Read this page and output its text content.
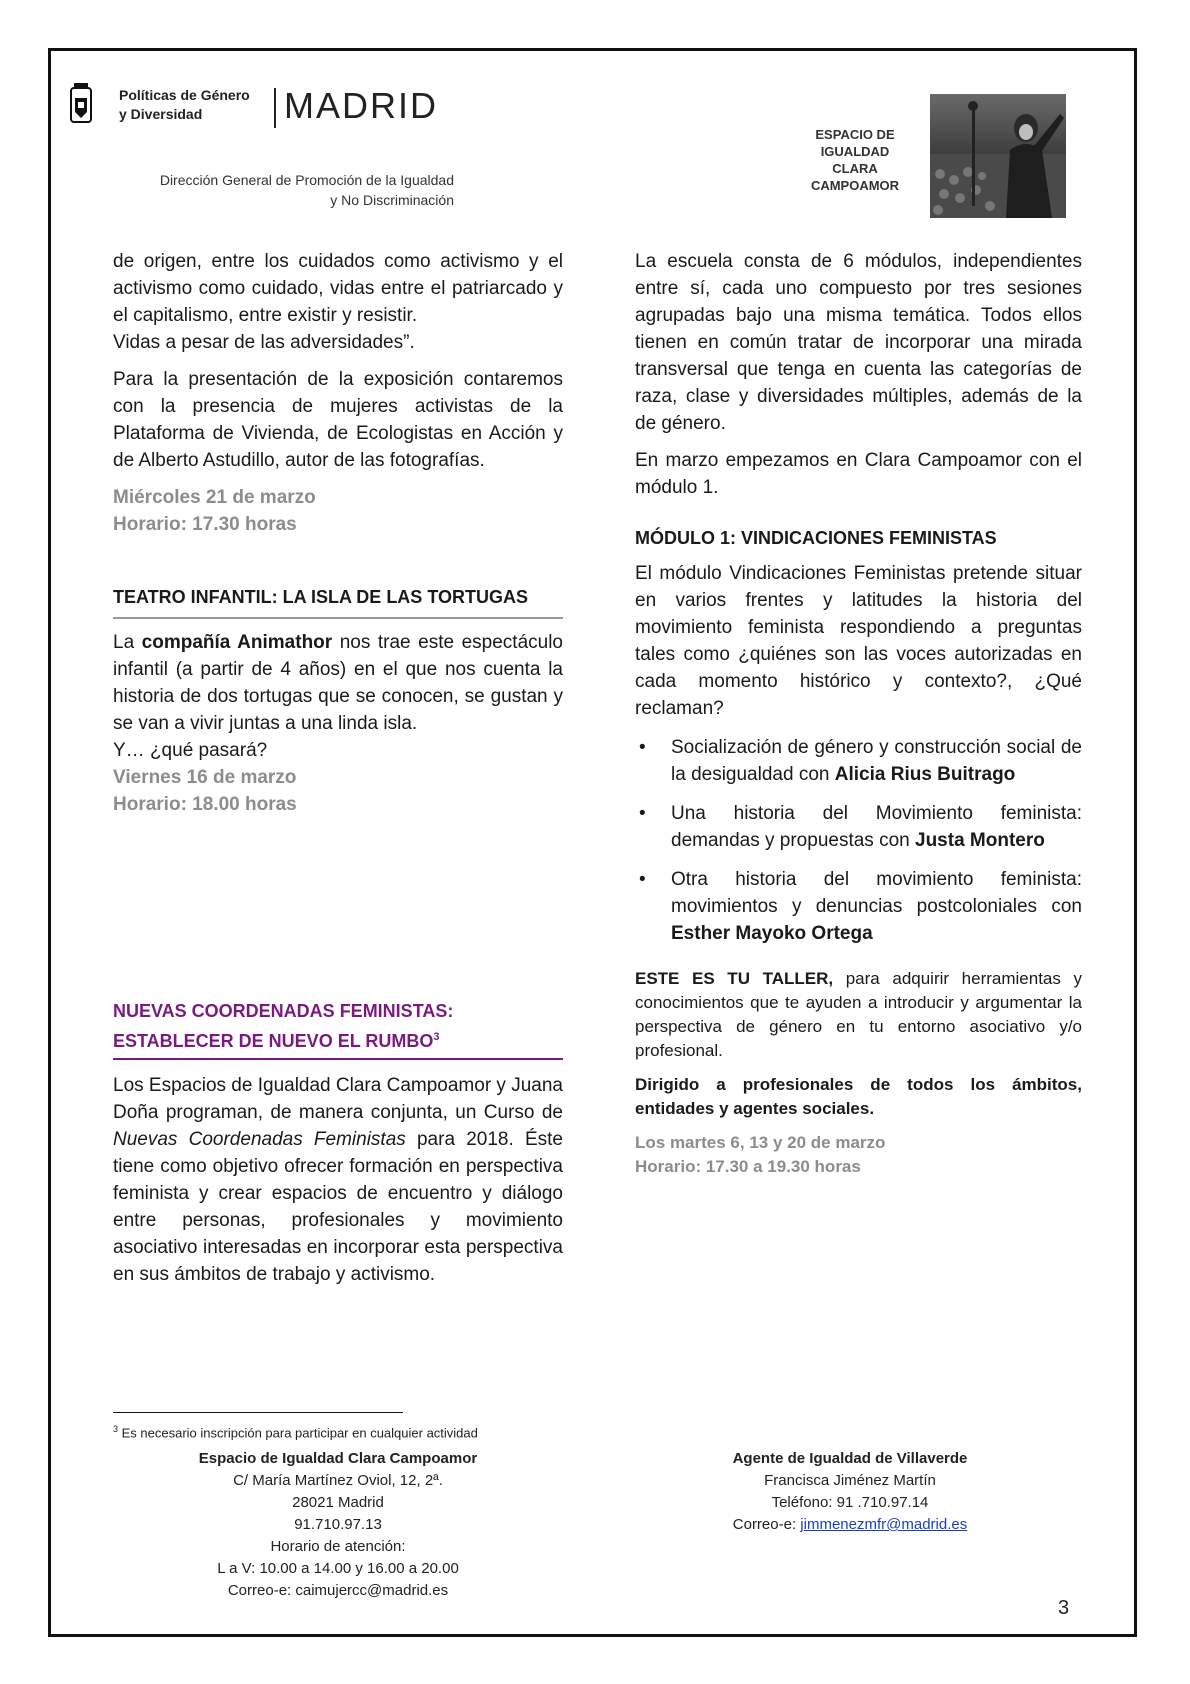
Políticas de Género
y Diversidad	MADRID
Dirección General de Promoción de la Igualdad
y No Discriminación
ESPACIO DE
IGUALDAD
CLARA
CAMPOAMOR

de origen, entre los cuidados como activismo y el activismo como cuidado, vidas entre el patriarcado y el capitalismo, entre existir y resistir.

Vidas a pesar de las adversidades”.

Para la presentación de la exposición contaremos con la presencia de mujeres activistas de la Plataforma de Vivienda, de Ecologistas en Acción y de Alberto Astudillo, autor de las fotografías.

Miércoles 21 de marzo

Horario: 17.30 horas

TEATRO INFANTIL: LA ISLA DE LAS TORTUGAS

La compañía Animathor nos trae este espectáculo infantil (a partir de 4 años) en el que nos cuenta la historia de dos tortugas que se conocen, se gustan y se van a vivir juntas a una linda isla.

Y… ¿qué pasará?

Viernes 16 de marzo

Horario: 18.00 horas

NUEVAS COORDENADAS FEMINISTAS:
ESTABLECER DE NUEVO EL RUMBO$^3$

Los Espacios de Igualdad Clara Campoamor y Juana Doña programan, de manera conjunta, un Curso de Nuevas Coordenadas Feministas para 2018. Éste tiene como objetivo ofrecer formación en perspectiva feminista y crear espacios de encuentro y diálogo entre personas, profesionales y movimiento asociativo interesadas en incorporar esta perspectiva en sus ámbitos de trabajo y activismo.

La escuela consta de 6 módulos, independientes entre sí, cada uno compuesto por tres sesiones agrupadas bajo una misma temática. Todos ellos tienen en común tratar de incorporar una mirada transversal que tenga en cuenta las categorías de raza, clase y diversidades múltiples, además de la de género.

En marzo empezamos en Clara Campoamor con el módulo 1.

MÓDULO 1: VINDICACIONES FEMINISTAS

El módulo Vindicaciones Feministas pretende situar en varios frentes y latitudes la historia del movimiento feminista respondiendo a preguntas tales como ¿quiénes son las voces autorizadas en cada momento histórico y contexto?, ¿Qué reclaman?

• Socialización de género y construcción social de la desigualdad con Alicia Rius Buitrago

• Una historia del Movimiento feminista: demandas y propuestas con Justa Montero

• Otra historia del movimiento feminista: movimientos y denuncias postcoloniales con Esther Mayoko Ortega

ESTE ES TU TALLER, para adquirir herramientas y conocimientos que te ayuden a introducir y argumentar la perspectiva de género en tu entorno asociativo y/o profesional.

Dirigido a profesionales de todos los ámbitos, entidades y agentes sociales.

Los martes 6, 13 y 20 de marzo

Horario: 17.30 a 19.30 horas

$^3$ Es necesario inscripción para participar en cualquier actividad
Espacio de Igualdad Clara Campoamor
C/ María Martínez Oviol, 12, 2ª.
28021 Madrid
91.710.97.13
Horario de atención:
L a V: 10.00 a 14.00 y 16.00 a 20.00
Correo-e: caimujercc@madrid.es
Agente de Igualdad de Villaverde
Francisca Jiménez Martín
Teléfono: 91 .710.97.14
Correo-e: jimmenezmfr@madrid.es
3
